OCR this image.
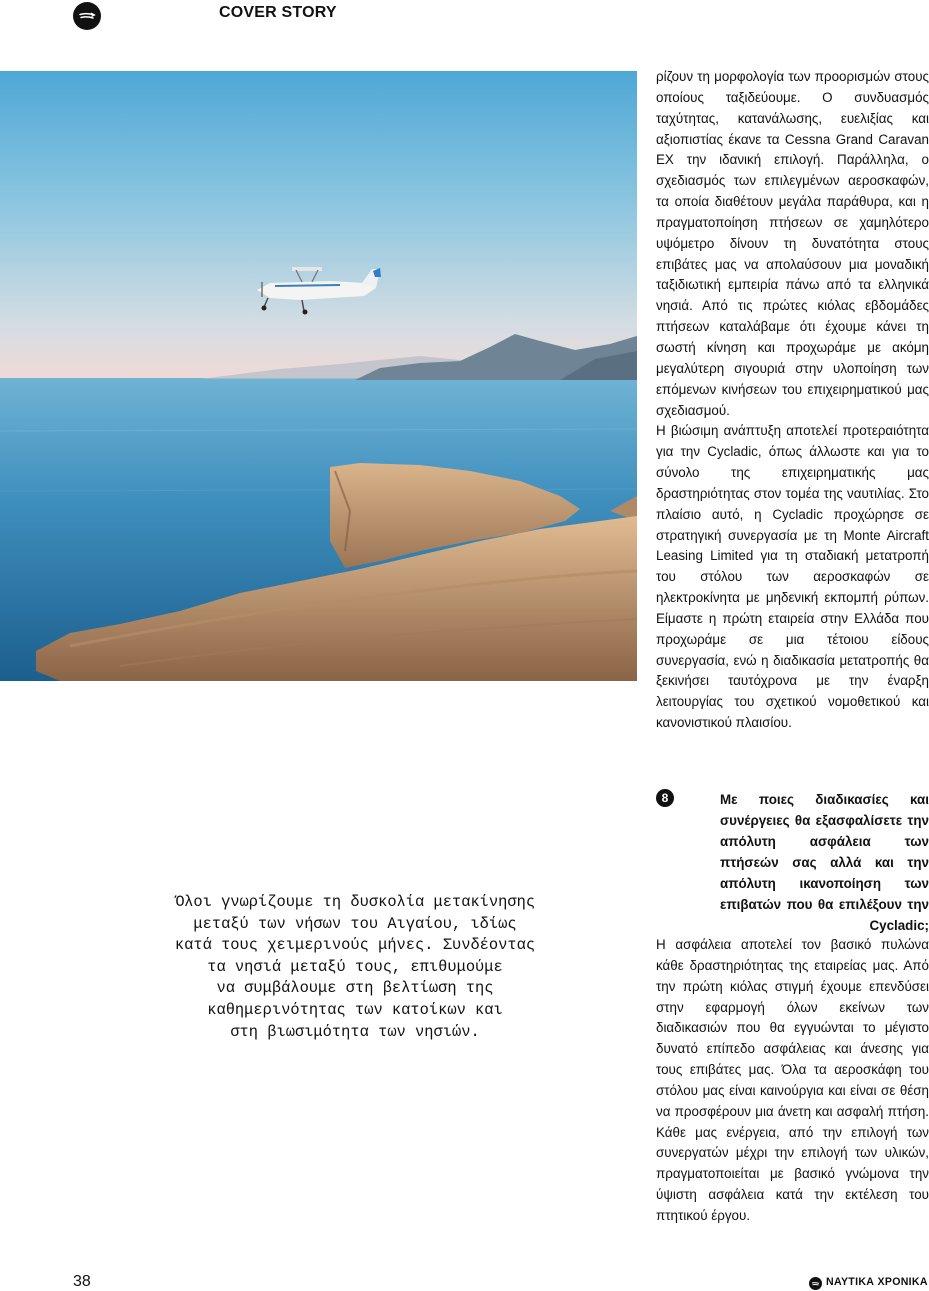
COVER STORY

ρίζουν τη μορφολογία των προορισμών στους οποίους ταξιδεύουμε. Ο συνδυασμός ταχύτητας, κατανάλωσης, ευελιξίας και αξιοπιστίας έκανε τα Cessna Grand Caravan EX την ιδανική επιλογή. Παράλληλα, ο σχεδιασμός των επιλεγμένων αεροσκαφών, τα οποία διαθέτουν μεγάλα παράθυρα, και η πραγματοποίηση πτήσεων σε χαμηλότερο υψόμετρο δίνουν τη δυνατότητα στους επιβάτες μας να απολαύσουν μια μοναδική ταξιδιωτική εμπειρία πάνω από τα ελληνικά νησιά. Από τις πρώτες κιόλας εβδομάδες πτήσεων καταλάβαμε ότι έχουμε κάνει τη σωστή κίνηση και προχωράμε με ακόμη μεγαλύτερη σιγουριά στην υλοποίηση των επόμενων κινήσεων του επιχειρηματικού μας σχεδιασμού.

Η βιώσιμη ανάπτυξη αποτελεί προτεραιότητα για την Cycladic, όπως άλλωστε και για το σύνολο της επιχειρηματικής μας δραστηριότητας στον τομέα της ναυτιλίας. Στο πλαίσιο αυτό, η Cycladic προχώρησε σε στρατηγική συνεργασία με τη Monte Aircraft Leasing Limited για τη σταδιακή μετατροπή του στόλου των αεροσκαφών σε ηλεκτροκίνητα με μηδενική εκπομπή ρύπων. Είμαστε η πρώτη εταιρεία στην Ελλάδα που προχωράμε σε μια τέτοιου είδους συνεργασία, ενώ η διαδικασία μετατροπής θα ξεκινήσει ταυτόχρονα με την έναρξη λειτουργίας του σχετικού νομοθετικού και κανονιστικού πλαισίου.

8	Με ποιες διαδικασίες και συνέργειες θα εξασφαλίσετε την απόλυτη ασφάλεια των πτήσεών σας αλλά και την απόλυτη ικανοποίηση των επιβατών που θα επιλέξουν την Cycladic;
Η ασφάλεια αποτελεί τον βασικό πυλώνα κάθε δραστηριότητας της εταιρείας μας. Από την πρώτη κιόλας στιγμή έχουμε επενδύσει στην εφαρμογή όλων εκείνων των διαδικασιών που θα εγγυώνται το μέγιστο δυνατό επίπεδο ασφάλειας και άνεσης για τους επιβάτες μας. Όλα τα αεροσκάφη του στόλου μας είναι καινούργια και είναι σε θέση να προσφέρουν μια άνετη και ασφαλή πτήση. Κάθε μας ενέργεια, από την επιλογή των συνεργατών μέχρι την επιλογή των υλικών, πραγματοποιείται με βασικό γνώμονα την ύψιστη ασφάλεια κατά την εκτέλεση του πτητικού έργου.
Όλοι γνωρίζουμε τη δυσκολία μετακίνησης
μεταξύ των νήσων του Αιγαίου, ιδίως
κατά τους χειμερινούς μήνες. Συνδέοντας
τα νησιά μεταξύ τους, επιθυμούμε
να συμβάλουμε στη βελτίωση της
καθημερινότητας των κατοίκων και
στη βιωσιμότητα των νησιών.
38	ΝΑΥΤΙΚΑ ΧΡΟΝΙΚΑ
